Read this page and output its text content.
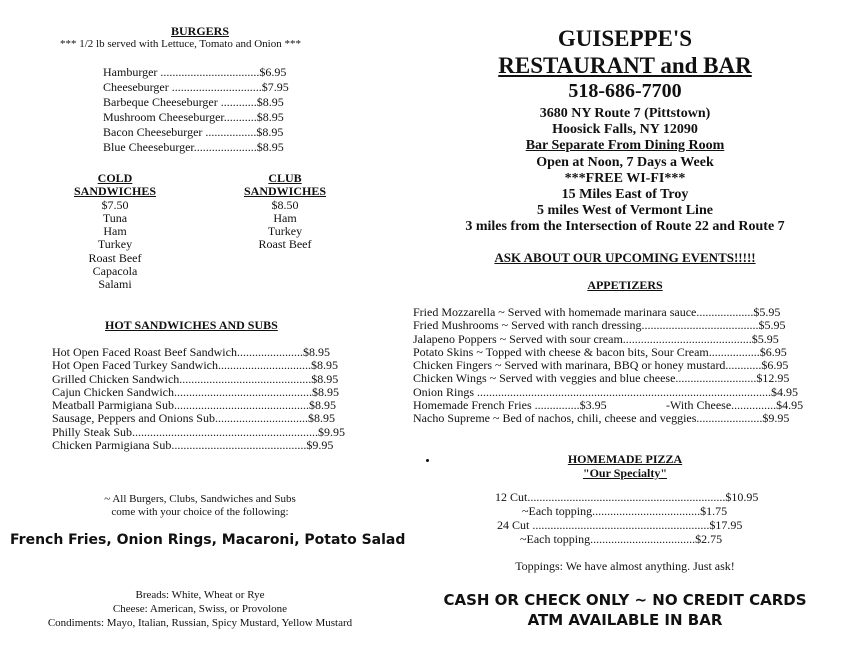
BURGERS
*** 1/2 lb served with Lettuce, Tomato and Onion ***
Hamburger .................................$6.95
Cheeseburger ..............................$7.95
Barbeque Cheeseburger ............$8.95
Mushroom Cheeseburger...........$8.95
Bacon Cheeseburger .................$8.95
Blue Cheeseburger.....................$8.95
COLD
SANDWICHES
$7.50
Tuna
Ham
Turkey
Roast Beef
Capacola
Salami
CLUB
SANDWICHES
$8.50
Ham
Turkey
Roast Beef
HOT SANDWICHES AND SUBS
Hot Open Faced Roast Beef Sandwich......................$8.95
Hot Open Faced Turkey Sandwich...............................$8.95
Grilled Chicken Sandwich............................................$8.95
Cajun Chicken Sandwich..............................................$8.95
Meatball Parmigiana Sub.............................................$8.95
Sausage, Peppers and Onions Sub...............................$8.95
Philly Steak Sub..............................................................$9.95
Chicken Parmigiana Sub.............................................$9.95
~ All Burgers, Clubs, Sandwiches and Subs
come with your choice of the following:
French Fries, Onion Rings, Macaroni, Potato Salad
Breads: White, Wheat or Rye
Cheese: American, Swiss, or Provolone
Condiments: Mayo, Italian, Russian, Spicy Mustard, Yellow Mustard
GUISEPPE'S
RESTAURANT and BAR
518-686-7700
3680 NY Route 7 (Pittstown)
Hoosick Falls, NY 12090
Bar Separate From Dining Room
Open at Noon, 7 Days a Week
***FREE WI-FI***
15 Miles East of Troy
5 miles West of Vermont Line
3 miles from the Intersection of Route 22 and Route 7
ASK ABOUT OUR UPCOMING EVENTS!!!!!
APPETIZERS
Fried Mozzarella ~ Served with homemade marinara sauce...................$5.95
Fried Mushrooms ~ Served with ranch dressing.......................................$5.95
Jalapeno Poppers ~ Served with sour cream...........................................$5.95
Potato Skins ~ Topped with cheese & bacon bits, Sour Cream.................$6.95
Chicken Fingers ~ Served with marinara, BBQ or honey mustard............$6.95
Chicken Wings ~ Served with veggies and blue cheese...........................$12.95
Onion Rings ..................................................................................................$4.95
Homemade French Fries ...............$3.95	-With Cheese...............$4.95
Nacho Supreme ~ Bed of nachos, chili, cheese and veggies......................$9.95
HOMEMADE PIZZA
"Our Specialty"
12 Cut..................................................................$10.95
~Each topping....................................$1.75
24 Cut ...........................................................$17.95
~Each topping...................................$2.75
Toppings: We have almost anything. Just ask!
CASH OR CHECK ONLY ~ NO CREDIT CARDS
ATM AVAILABLE IN BAR
